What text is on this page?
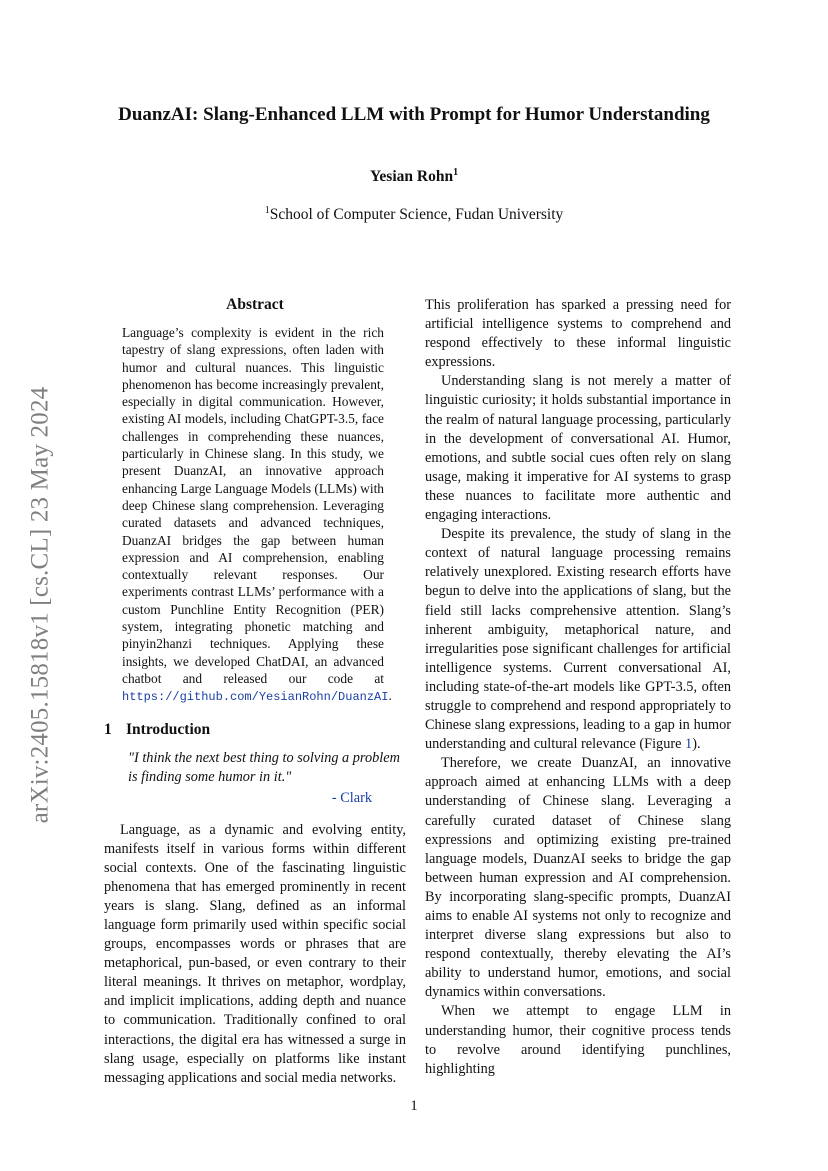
arXiv:2405.15818v1 [cs.CL] 23 May 2024
DuanzAI: Slang-Enhanced LLM with Prompt for Humor Understanding
Yesian Rohn$^1$
$^1$School of Computer Science, Fudan University
Abstract

Language’s complexity is evident in the rich tapestry of slang expressions, often laden with humor and cultural nuances. This linguistic phenomenon has become increasingly prevalent, especially in digital communication. However, existing AI models, including ChatGPT-3.5, face challenges in comprehending these nuances, particularly in Chinese slang. In this study, we present DuanzAI, an innovative approach enhancing Large Language Models (LLMs) with deep Chinese slang comprehension. Leveraging curated datasets and advanced techniques, DuanzAI bridges the gap between human expression and AI comprehension, enabling contextually relevant responses. Our experiments contrast LLMs’ performance with a custom Punchline Entity Recognition (PER) system, integrating phonetic matching and pinyin2hanzi techniques. Applying these insights, we developed ChatDAI, an advanced chatbot and released our code at https://github.com/YesianRohn/DuanzAI.

1 Introduction

"I think the next best thing to solving a problem is finding some humor in it."

- Clark

Language, as a dynamic and evolving entity, manifests itself in various forms within different social contexts. One of the fascinating linguistic phenomena that has emerged prominently in recent years is slang. Slang, defined as an informal language form primarily used within specific social groups, encompasses words or phrases that are metaphorical, pun-based, or even contrary to their literal meanings. It thrives on metaphor, wordplay, and implicit implications, adding depth and nuance to communication. Traditionally confined to oral interactions, the digital era has witnessed a surge in slang usage, especially on platforms like instant messaging applications and social media networks.

This proliferation has sparked a pressing need for artificial intelligence systems to comprehend and respond effectively to these informal linguistic expressions.

Understanding slang is not merely a matter of linguistic curiosity; it holds substantial importance in the realm of natural language processing, particularly in the development of conversational AI. Humor, emotions, and subtle social cues often rely on slang usage, making it imperative for AI systems to grasp these nuances to facilitate more authentic and engaging interactions.

Despite its prevalence, the study of slang in the context of natural language processing remains relatively unexplored. Existing research efforts have begun to delve into the applications of slang, but the field still lacks comprehensive attention. Slang’s inherent ambiguity, metaphorical nature, and irregularities pose significant challenges for artificial intelligence systems. Current conversational AI, including state-of-the-art models like GPT-3.5, often struggle to comprehend and respond appropriately to Chinese slang expressions, leading to a gap in humor understanding and cultural relevance (Figure 1).

Therefore, we create DuanzAI, an innovative approach aimed at enhancing LLMs with a deep understanding of Chinese slang. Leveraging a carefully curated dataset of Chinese slang expressions and optimizing existing pre-trained language models, DuanzAI seeks to bridge the gap between human expression and AI comprehension. By incorporating slang-specific prompts, DuanzAI aims to enable AI systems not only to recognize and interpret diverse slang expressions but also to respond contextually, thereby elevating the AI’s ability to understand humor, emotions, and social dynamics within conversations.

When we attempt to engage LLM in understanding humor, their cognitive process tends to revolve around identifying punchlines, highlighting

1
